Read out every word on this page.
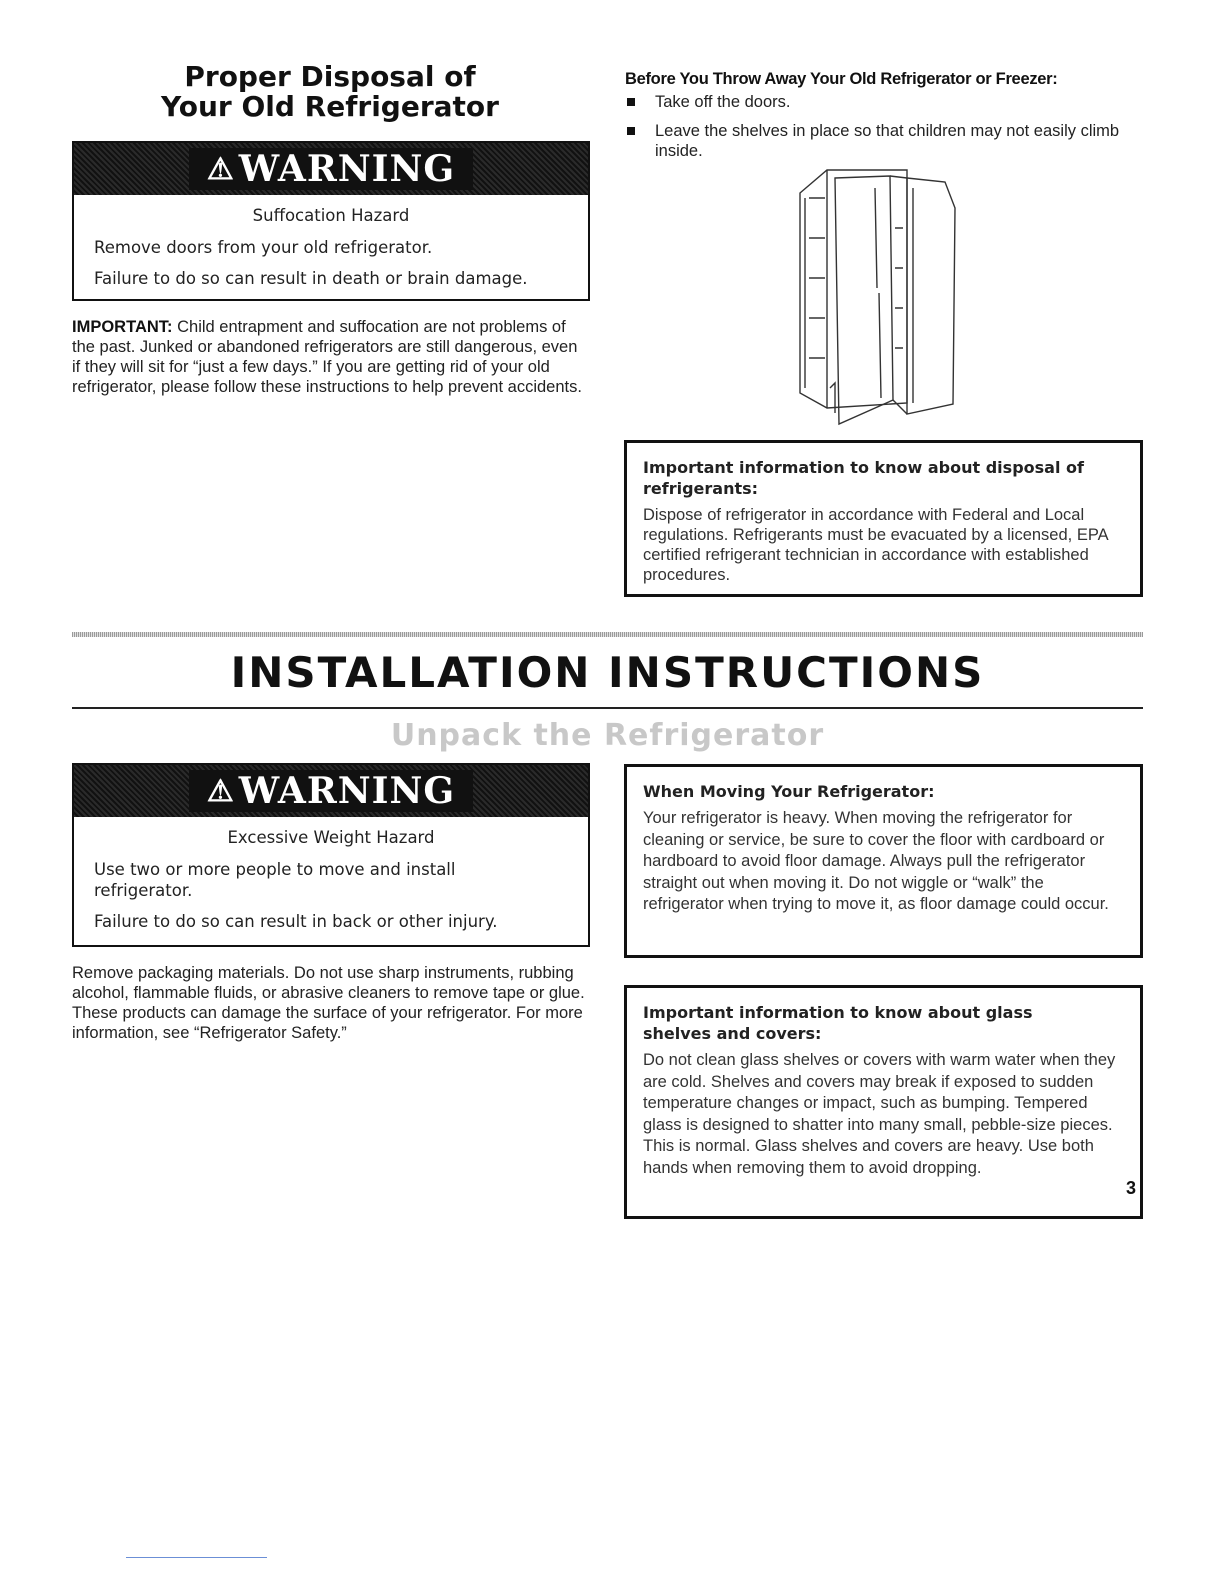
Proper Disposal of
Your Old Refrigerator
⚠ WARNING
Suffocation Hazard
Remove doors from your old refrigerator.
Failure to do so can result in death or brain damage.
IMPORTANT: Child entrapment and suffocation are not problems of the past. Junked or abandoned refrigerators are still dangerous, even if they will sit for “just a few days.” If you are getting rid of your old refrigerator, please follow these instructions to help prevent accidents.
Before You Throw Away Your Old Refrigerator or Freezer:
Take off the doors.
Leave the shelves in place so that children may not easily climb inside.
Important information to know about disposal of refrigerants:
Dispose of refrigerator in accordance with Federal and Local regulations. Refrigerants must be evacuated by a licensed, EPA certified refrigerant technician in accordance with established procedures.
INSTALLATION INSTRUCTIONS
Unpack the Refrigerator
⚠ WARNING
Excessive Weight Hazard
Use two or more people to move and install refrigerator.
Failure to do so can result in back or other injury.
Remove packaging materials. Do not use sharp instruments, rubbing alcohol, flammable fluids, or abrasive cleaners to remove tape or glue. These products can damage the surface of your refrigerator. For more information, see “Refrigerator Safety.”
When Moving Your Refrigerator:
Your refrigerator is heavy. When moving the refrigerator for cleaning or service, be sure to cover the floor with cardboard or hardboard to avoid floor damage. Always pull the refrigerator straight out when moving it. Do not wiggle or “walk” the refrigerator when trying to move it, as floor damage could occur.
Important information to know about glass shelves and covers:
Do not clean glass shelves or covers with warm water when they are cold. Shelves and covers may break if exposed to sudden temperature changes or impact, such as bumping. Tempered glass is designed to shatter into many small, pebble-size pieces. This is normal. Glass shelves and covers are heavy. Use both hands when removing them to avoid dropping.
3
